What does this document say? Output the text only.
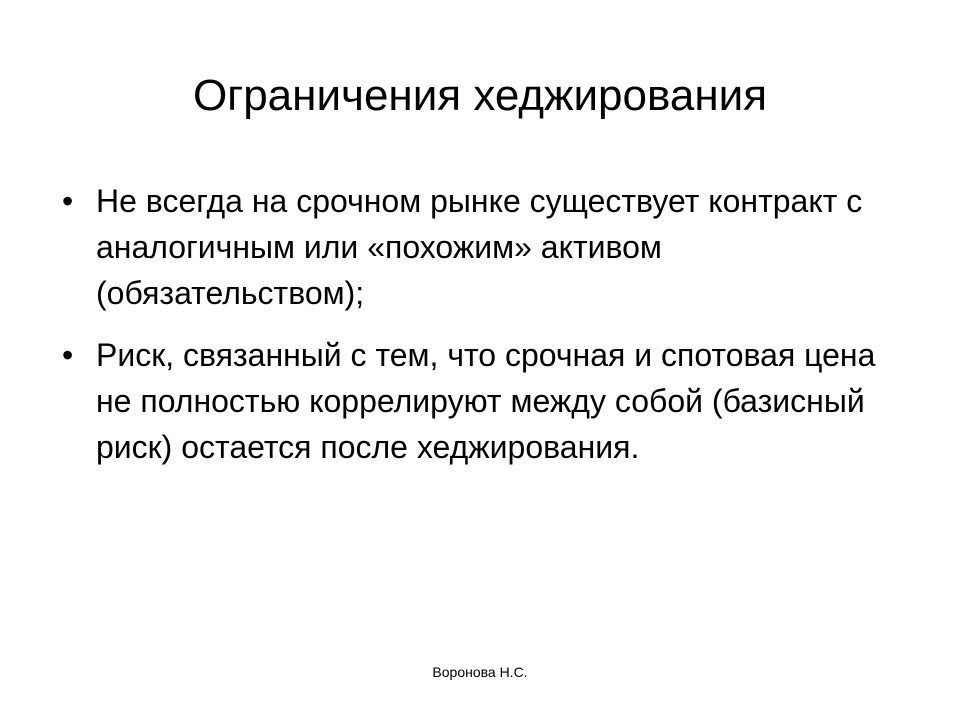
Ограничения хеджирования
• Не всегда на срочном рынке существует контракт с аналогичным или «похожим» активом (обязательством);
• Риск, связанный с тем, что срочная и спотовая цена не полностью коррелируют между собой (базисный риск) остается после хеджирования.
Воронова Н.С.
